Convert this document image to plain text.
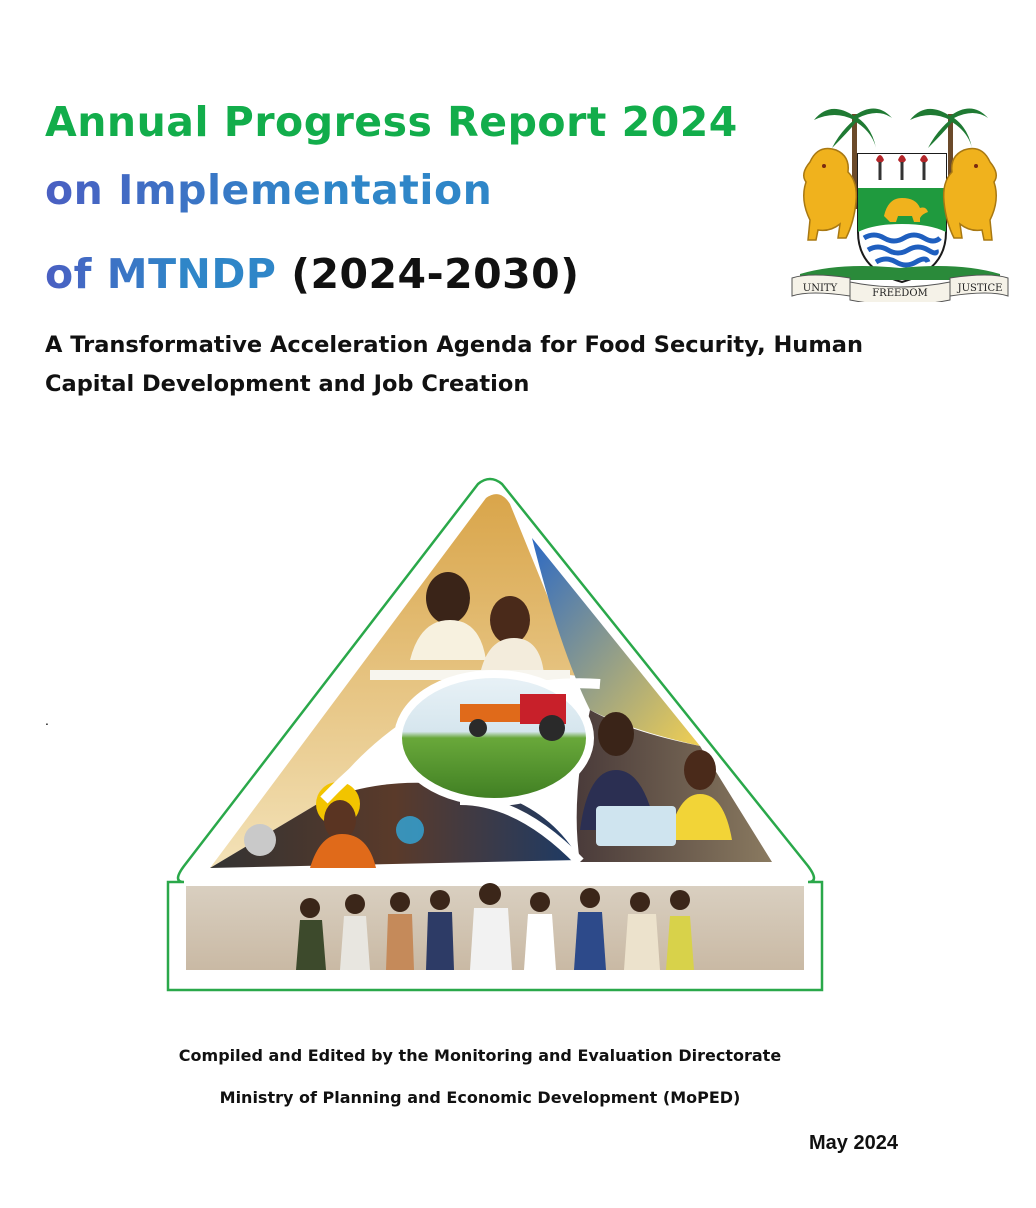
Annual Progress Report 2024
on Implementation
of MTNDP (2024-2030)

A Transformative Acceleration Agenda for Food Security, Human Capital Development and Job Creation

UNITY	FREEDOM	JUSTICE
.

Compiled and Edited by the Monitoring and Evaluation Directorate

Ministry of Planning and Economic Development (MoPED)

May 2024
